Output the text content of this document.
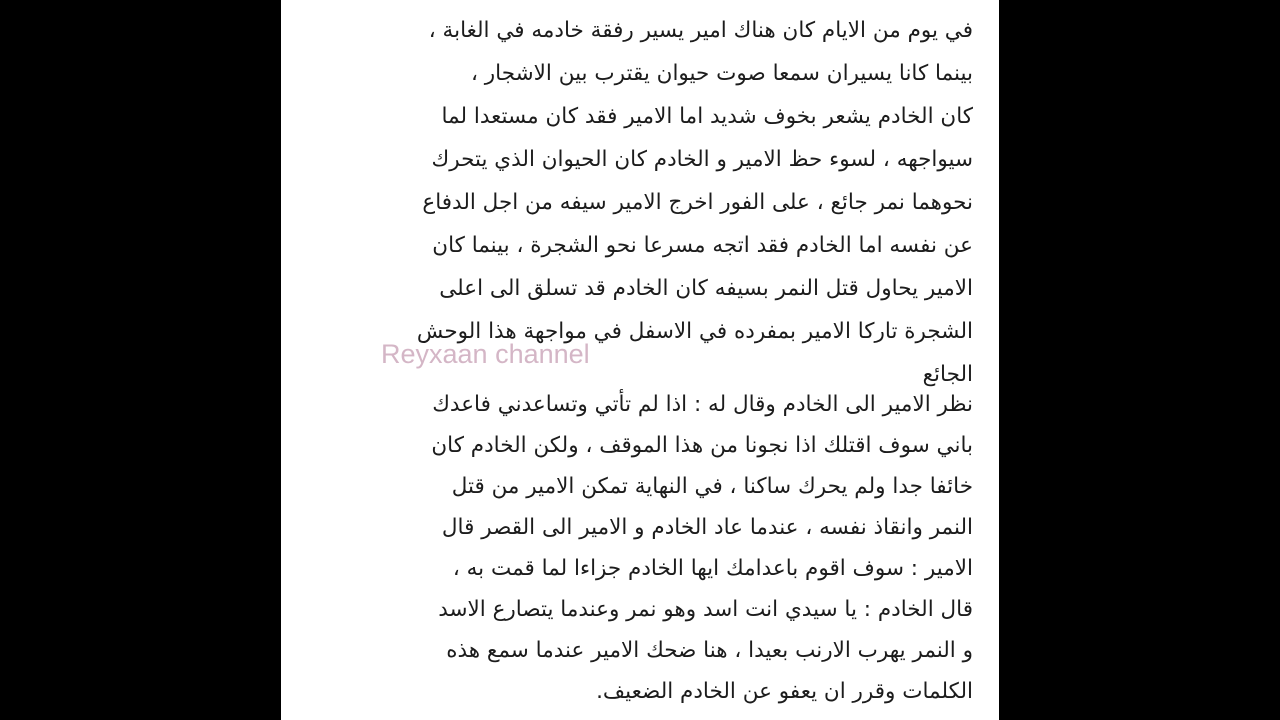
في يوم من الايام كان هناك امير يسير رفقة خادمه في الغابة ،
بينما كانا يسيران سمعا صوت حيوان يقترب بين الاشجار ،
كان الخادم يشعر بخوف شديد اما الامير فقد كان مستعدا لما
سيواجهه ، لسوء حظ الامير و الخادم كان الحيوان الذي يتحرك
نحوهما نمر جائع ، على الفور اخرج الامير سيفه من اجل الدفاع
عن نفسه اما الخادم فقد اتجه مسرعا نحو الشجرة ، بينما كان
الامير يحاول قتل النمر بسيفه كان الخادم قد تسلق الى اعلى
الشجرة تاركا الامير بمفرده في الاسفل في مواجهة هذا الوحش
الجائع
Reyxaan channel
نظر الامير الى الخادم وقال له : اذا لم تأتي وتساعدني فاعدك
باني سوف اقتلك اذا نجونا من هذا الموقف ، ولكن الخادم كان
خائفا جدا ولم يحرك ساكنا ، في النهاية تمكن الامير من قتل
النمر وانقاذ نفسه ، عندما عاد الخادم و الامير الى القصر قال
الامير : سوف اقوم باعدامك ايها الخادم جزاءا لما قمت به ،
قال الخادم : يا سيدي انت اسد وهو نمر وعندما يتصارع الاسد
و النمر يهرب الارنب بعيدا ، هنا ضحك الامير عندما سمع هذه
الكلمات وقرر ان يعفو عن الخادم الضعيف.
